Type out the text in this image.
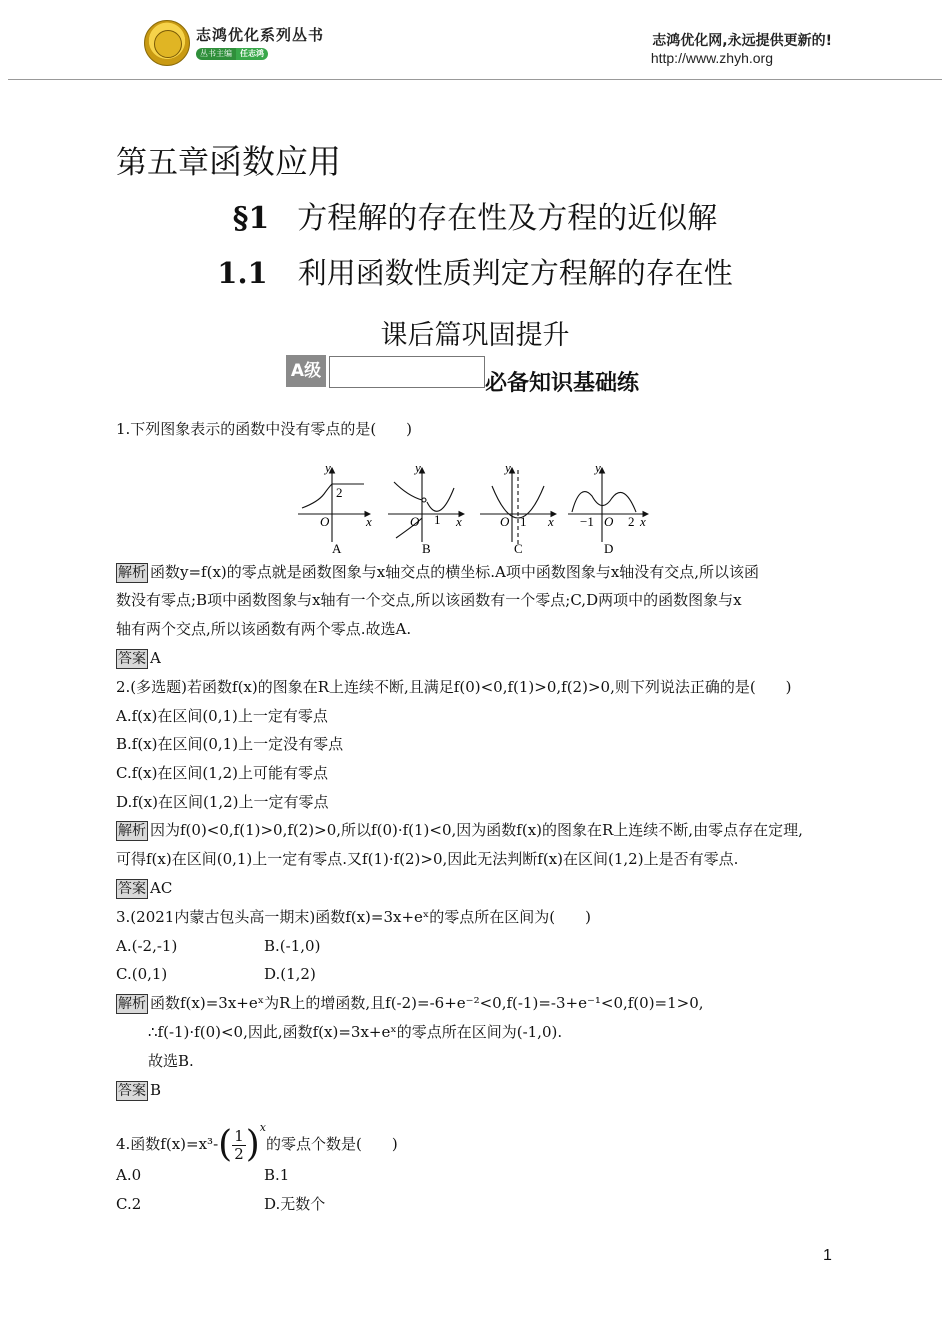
志鸿优化系列丛书
丛书主编	任志鸿
志鸿优化网,永远提供更新的!
http://www.zhyh.org
第五章函数应用
§1 方程解的存在性及方程的近似解
1.1 利用函数性质判定方程解的存在性
课后篇巩固提升
A级	必备知识基础练
1.下列图象表示的函数中没有零点的是(　　)
y
x
O
2
A
y
x
O 1
B
y
x
O 1
C
y
x
O
−1	2
D
解析 函数y=f(x)的零点就是函数图象与x轴交点的横坐标.A项中函数图象与x轴没有交点,所以该函
数没有零点;B项中函数图象与x轴有一个交点,所以该函数有一个零点;C,D两项中的函数图象与x
轴有两个交点,所以该函数有两个零点.故选A.
答案 A
2.(多选题)若函数f(x)的图象在R上连续不断,且满足f(0)<0,f(1)>0,f(2)>0,则下列说法正确的是(　　)
A.f(x)在区间(0,1)上一定有零点
B.f(x)在区间(0,1)上一定没有零点
C.f(x)在区间(1,2)上可能有零点
D.f(x)在区间(1,2)上一定有零点
解析 因为f(0)<0,f(1)>0,f(2)>0,所以f(0)·f(1)<0,因为函数f(x)的图象在R上连续不断,由零点存在定理,
可得f(x)在区间(0,1)上一定有零点.又f(1)·f(2)>0,因此无法判断f(x)在区间(1,2)上是否有零点.
答案 AC
3.(2021内蒙古包头高一期末)函数f(x)=3x+eˣ的零点所在区间为(　　)
A.(-2,-1)	B.(-1,0)
C.(0,1)	D.(1,2)
解析 函数f(x)=3x+eˣ为R上的增函数,且f(-2)=-6+e⁻²<0,f(-1)=-3+e⁻¹<0,f(0)=1>0,
∴f(-1)·f(0)<0,因此,函数f(x)=3x+eˣ的零点所在区间为(-1,0).
故选B.
答案 B
4.函数$f(x)=x^3-( \frac{1}{2} )^x$的零点个数是(　　)
A.0	B.1
C.2	D.无数个
1
